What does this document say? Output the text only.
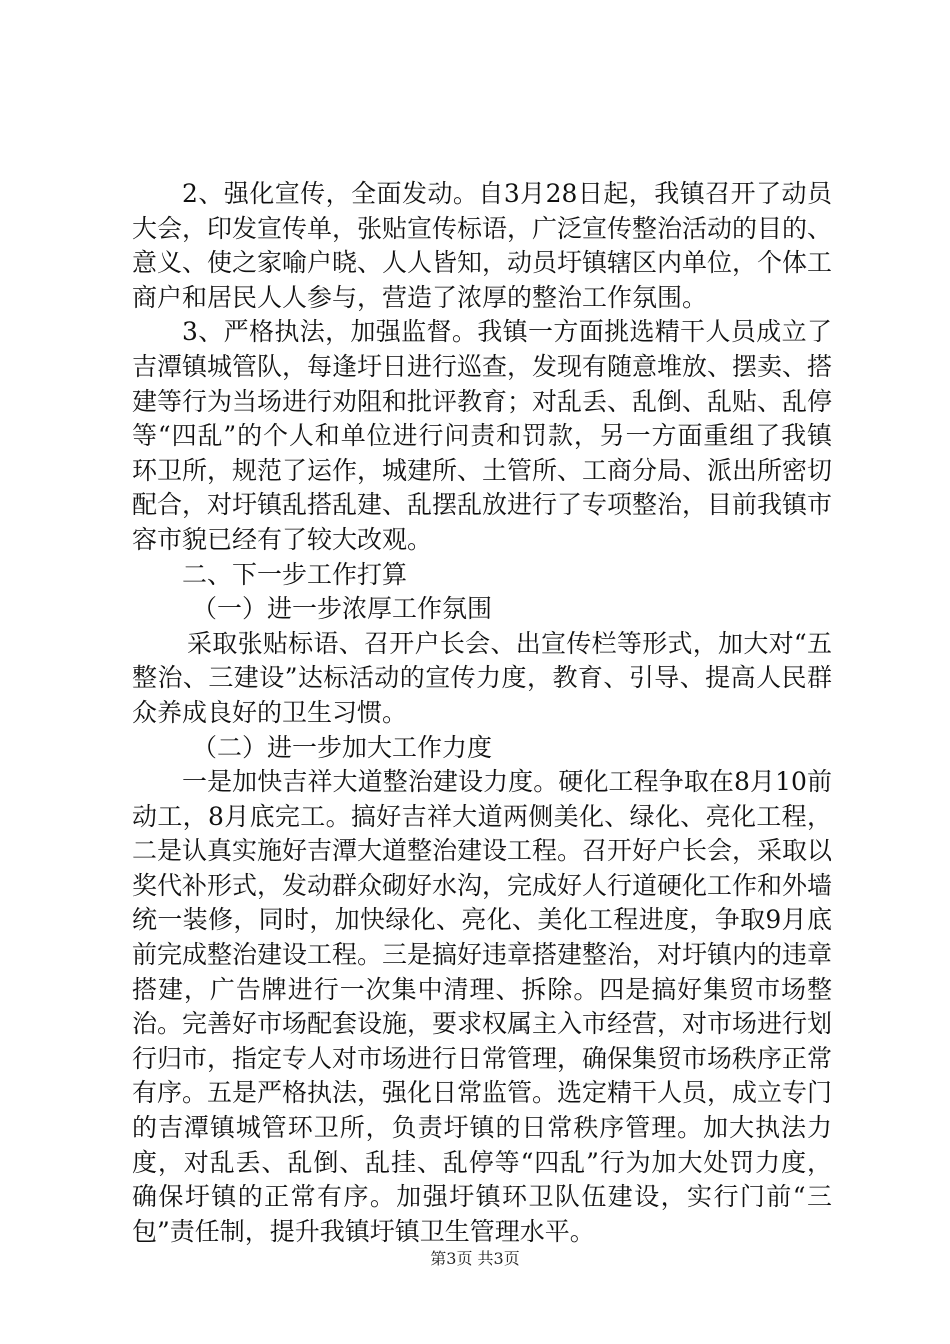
2、强化宣传，全面发动。自3月28日起，我镇召开了动员大会，印发宣传单，张贴宣传标语，广泛宣传整治活动的目的、意义、使之家喻户晓、人人皆知，动员圩镇辖区内单位，个体工商户和居民人人参与，营造了浓厚的整治工作氛围。

3、严格执法，加强监督。我镇一方面挑选精干人员成立了吉潭镇城管队，每逢圩日进行巡查，发现有随意堆放、摆卖、搭建等行为当场进行劝阻和批评教育；对乱丢、乱倒、乱贴、乱停等“四乱”的个人和单位进行问责和罚款，另一方面重组了我镇环卫所，规范了运作，城建所、土管所、工商分局、派出所密切配合，对圩镇乱搭乱建、乱摆乱放进行了专项整治，目前我镇市容市貌已经有了较大改观。

二、下一步工作打算

（一）进一步浓厚工作氛围

采取张贴标语、召开户长会、出宣传栏等形式，加大对“五整治、三建设”达标活动的宣传力度，教育、引导、提高人民群众养成良好的卫生习惯。

（二）进一步加大工作力度

一是加快吉祥大道整治建设力度。硬化工程争取在8月10前动工，8月底完工。搞好吉祥大道两侧美化、绿化、亮化工程，二是认真实施好吉潭大道整治建设工程。召开好户长会，采取以奖代补形式，发动群众砌好水沟，完成好人行道硬化工作和外墙统一装修，同时，加快绿化、亮化、美化工程进度，争取9月底前完成整治建设工程。三是搞好违章搭建整治，对圩镇内的违章搭建，广告牌进行一次集中清理、拆除。四是搞好集贸市场整治。完善好市场配套设施，要求权属主入市经营，对市场进行划行归市，指定专人对市场进行日常管理，确保集贸市场秩序正常有序。五是严格执法，强化日常监管。选定精干人员，成立专门的吉潭镇城管环卫所，负责圩镇的日常秩序管理。加大执法力度，对乱丢、乱倒、乱挂、乱停等“四乱”行为加大处罚力度，确保圩镇的正常有序。加强圩镇环卫队伍建设，实行门前“三包”责任制，提升我镇圩镇卫生管理水平。

第3页 共3页
